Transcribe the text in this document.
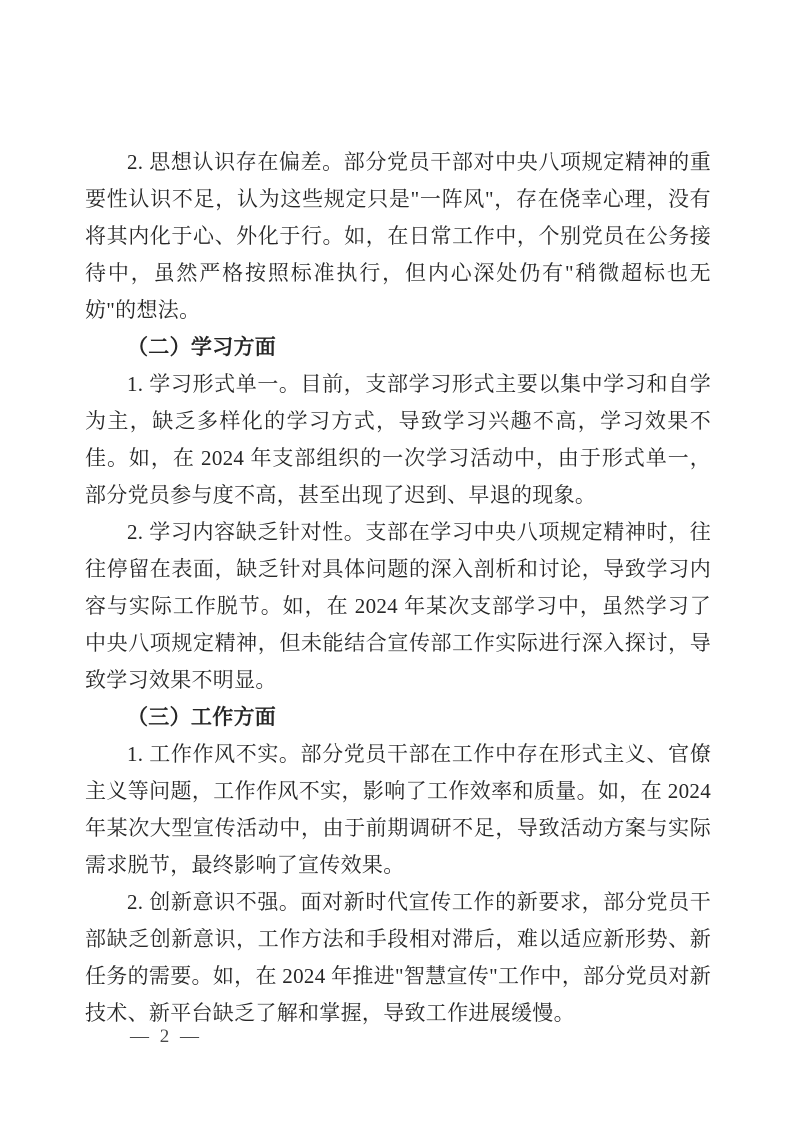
2. 思想认识存在偏差。部分党员干部对中央八项规定精神的重要性认识不足，认为这些规定只是"一阵风"，存在侥幸心理，没有将其内化于心、外化于行。如，在日常工作中，个别党员在公务接待中，虽然严格按照标准执行，但内心深处仍有"稍微超标也无妨"的想法。

（二）学习方面

1. 学习形式单一。目前，支部学习形式主要以集中学习和自学为主，缺乏多样化的学习方式，导致学习兴趣不高，学习效果不佳。如，在 2024 年支部组织的一次学习活动中，由于形式单一，部分党员参与度不高，甚至出现了迟到、早退的现象。

2. 学习内容缺乏针对性。支部在学习中央八项规定精神时，往往停留在表面，缺乏针对具体问题的深入剖析和讨论，导致学习内容与实际工作脱节。如，在 2024 年某次支部学习中，虽然学习了中央八项规定精神，但未能结合宣传部工作实际进行深入探讨，导致学习效果不明显。

（三）工作方面

1. 工作作风不实。部分党员干部在工作中存在形式主义、官僚主义等问题，工作作风不实，影响了工作效率和质量。如，在 2024 年某次大型宣传活动中，由于前期调研不足，导致活动方案与实际需求脱节，最终影响了宣传效果。

2. 创新意识不强。面对新时代宣传工作的新要求，部分党员干部缺乏创新意识，工作方法和手段相对滞后，难以适应新形势、新任务的需要。如，在 2024 年推进"智慧宣传"工作中，部分党员对新技术、新平台缺乏了解和掌握，导致工作进展缓慢。

— 2 —
